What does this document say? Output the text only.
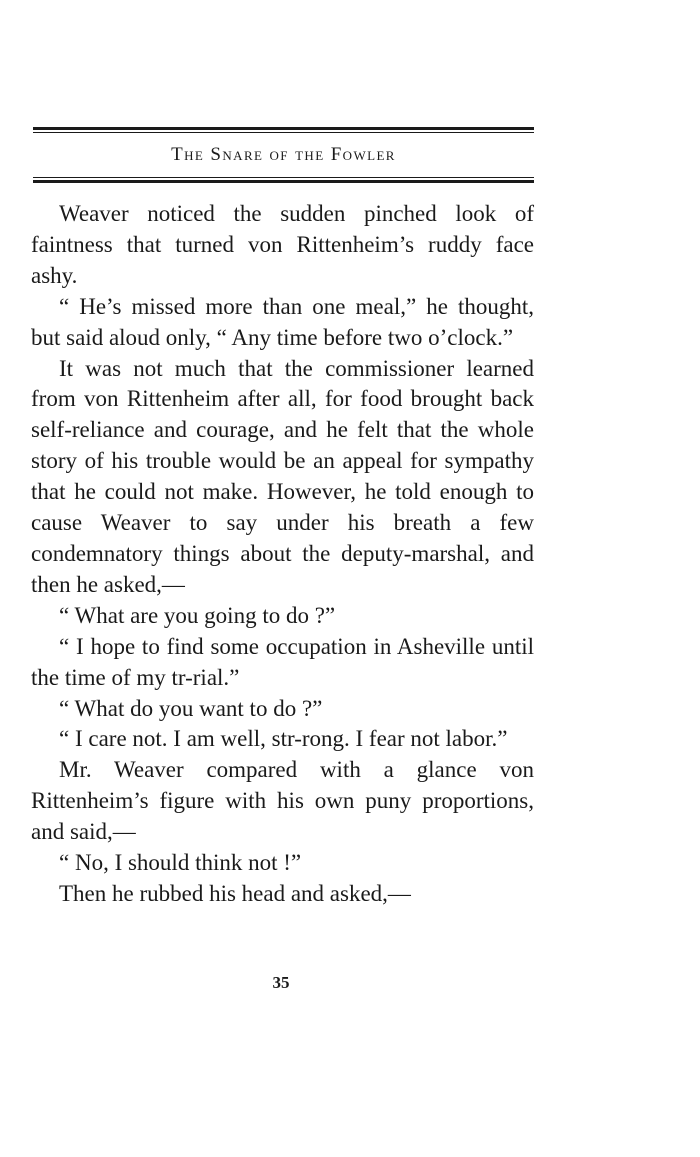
The Snare of the Fowler

Weaver noticed the sudden pinched look of faintness that turned von Rittenheim’s ruddy face ashy.

“ He’s missed more than one meal,” he thought, but said aloud only, “ Any time before two o’clock.”

It was not much that the commissioner learned from von Rittenheim after all, for food brought back self-reliance and courage, and he felt that the whole story of his trouble would be an appeal for sympathy that he could not make. However, he told enough to cause Weaver to say under his breath a few condemnatory things about the deputy-marshal, and then he asked,—

“ What are you going to do ?”

“ I hope to find some occupation in Asheville until the time of my tr-rial.”

“ What do you want to do ?”

“ I care not. I am well, str-rong. I fear not labor.”

Mr. Weaver compared with a glance von Rittenheim’s figure with his own puny proportions, and said,—

“ No, I should think not !”

Then he rubbed his head and asked,—

35
